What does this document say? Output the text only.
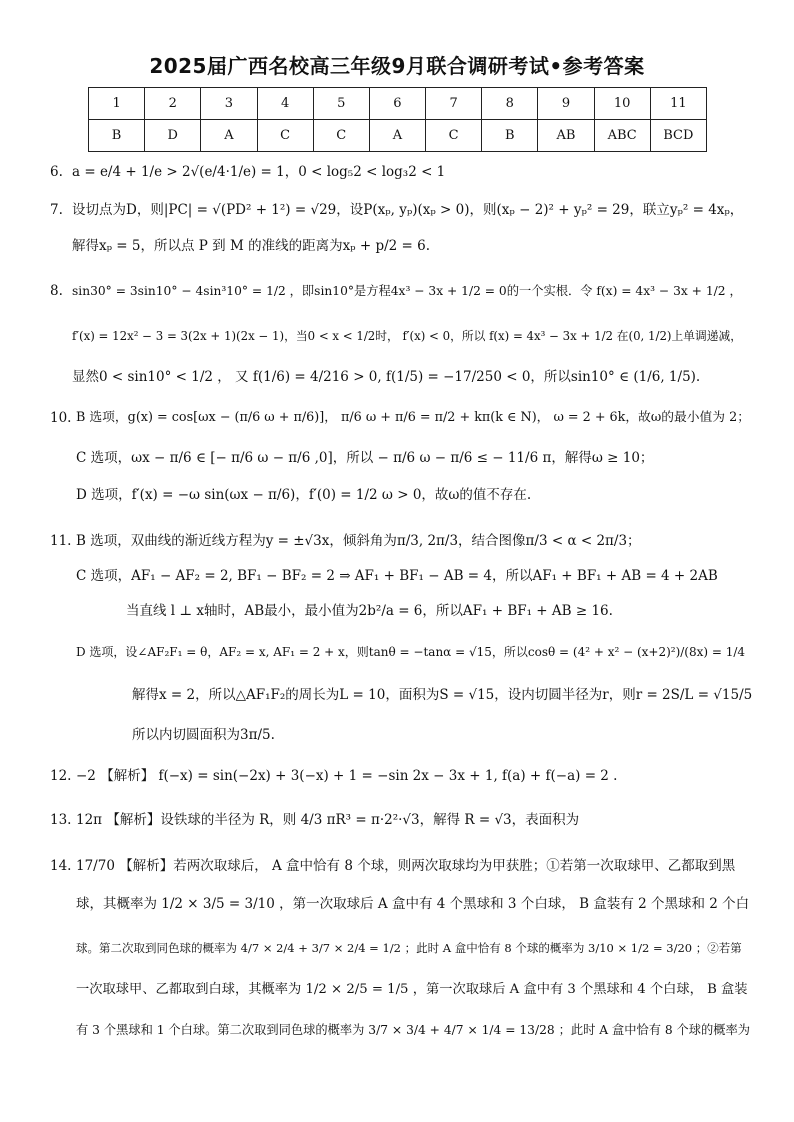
2025届广西名校高三年级9月联合调研考试•参考答案
1	2	3	4	5	6	7	8	9	10	11
B	D	A	C	C	A	C	B	AB	ABC	BCD
6. a = e/4 + 1/e > 2√(e/4·1/e) = 1，0 < log₅2 < log₃2 < 1
7. 设切点为D，则|PC| = √(PD² + 1²) = √29，设P(xₚ, yₚ)(xₚ > 0)，则(xₚ − 2)² + yₚ² = 29，联立yₚ² = 4xₚ，
解得xₚ = 5，所以点 P 到 M 的准线的距离为xₚ + p/2 = 6.
8. sin30° = 3sin10° − 4sin³10° = 1/2 ，即sin10°是方程4x³ − 3x + 1/2 = 0的一个实根．令 f(x) = 4x³ − 3x + 1/2 ，
f′(x) = 12x² − 3 = 3(2x + 1)(2x − 1)，当0 < x < 1/2时， f′(x) < 0，所以 f(x) = 4x³ − 3x + 1/2 在(0, 1/2)上单调递减，
显然0 < sin10° < 1/2 ， 又 f(1/6) = 4/216 > 0, f(1/5) = −17/250 < 0，所以sin10° ∈ (1/6, 1/5).
10. B 选项，g(x) = cos[ωx − (π/6 ω + π/6)]， π/6 ω + π/6 = π/2 + kπ(k ∈ N)， ω = 2 + 6k，故ω的最小值为 2；
C 选项，ωx − π/6 ∈ [− π/6 ω − π/6 ,0]，所以 − π/6 ω − π/6 ≤ − 11/6 π，解得ω ≥ 10；
D 选项，f′(x) = −ω sin(ωx − π/6)，f′(0) = 1/2 ω > 0，故ω的值不存在.
11. B 选项，双曲线的渐近线方程为y = ±√3x，倾斜角为π/3, 2π/3，结合图像π/3 < α < 2π/3；
C 选项，AF₁ − AF₂ = 2, BF₁ − BF₂ = 2 ⇒ AF₁ + BF₁ − AB = 4，所以AF₁ + BF₁ + AB = 4 + 2AB
当直线 l ⊥ x轴时，AB最小，最小值为2b²/a = 6，所以AF₁ + BF₁ + AB ≥ 16.
D 选项，设∠AF₂F₁ = θ，AF₂ = x, AF₁ = 2 + x，则tanθ = −tanα = √15，所以cosθ = (4² + x² − (x+2)²)/(8x) = 1/4
解得x = 2，所以△AF₁F₂的周长为L = 10，面积为S = √15，设内切圆半径为r，则r = 2S/L = √15/5
所以内切圆面积为3π/5.
12. −2 【解析】 f(−x) = sin(−2x) + 3(−x) + 1 = −sin 2x − 3x + 1, f(a) + f(−a) = 2 .
13. 12π 【解析】设铁球的半径为 R，则 4/3 πR³ = π·2²·√3，解得 R = √3，表面积为
14. 17/70 【解析】若两次取球后， A 盒中恰有 8 个球，则两次取球均为甲获胜；①若第一次取球甲、乙都取到黑
球，其概率为 1/2 × 3/5 = 3/10 ，第一次取球后 A 盒中有 4 个黑球和 3 个白球， B 盒装有 2 个黑球和 2 个白
球。第二次取到同色球的概率为 4/7 × 2/4 + 3/7 × 2/4 = 1/2 ；此时 A 盒中恰有 8 个球的概率为 3/10 × 1/2 = 3/20 ；②若第
一次取球甲、乙都取到白球，其概率为 1/2 × 2/5 = 1/5 ，第一次取球后 A 盒中有 3 个黑球和 4 个白球， B 盒装
有 3 个黑球和 1 个白球。第二次取到同色球的概率为 3/7 × 3/4 + 4/7 × 1/4 = 13/28 ；此时 A 盒中恰有 8 个球的概率为
